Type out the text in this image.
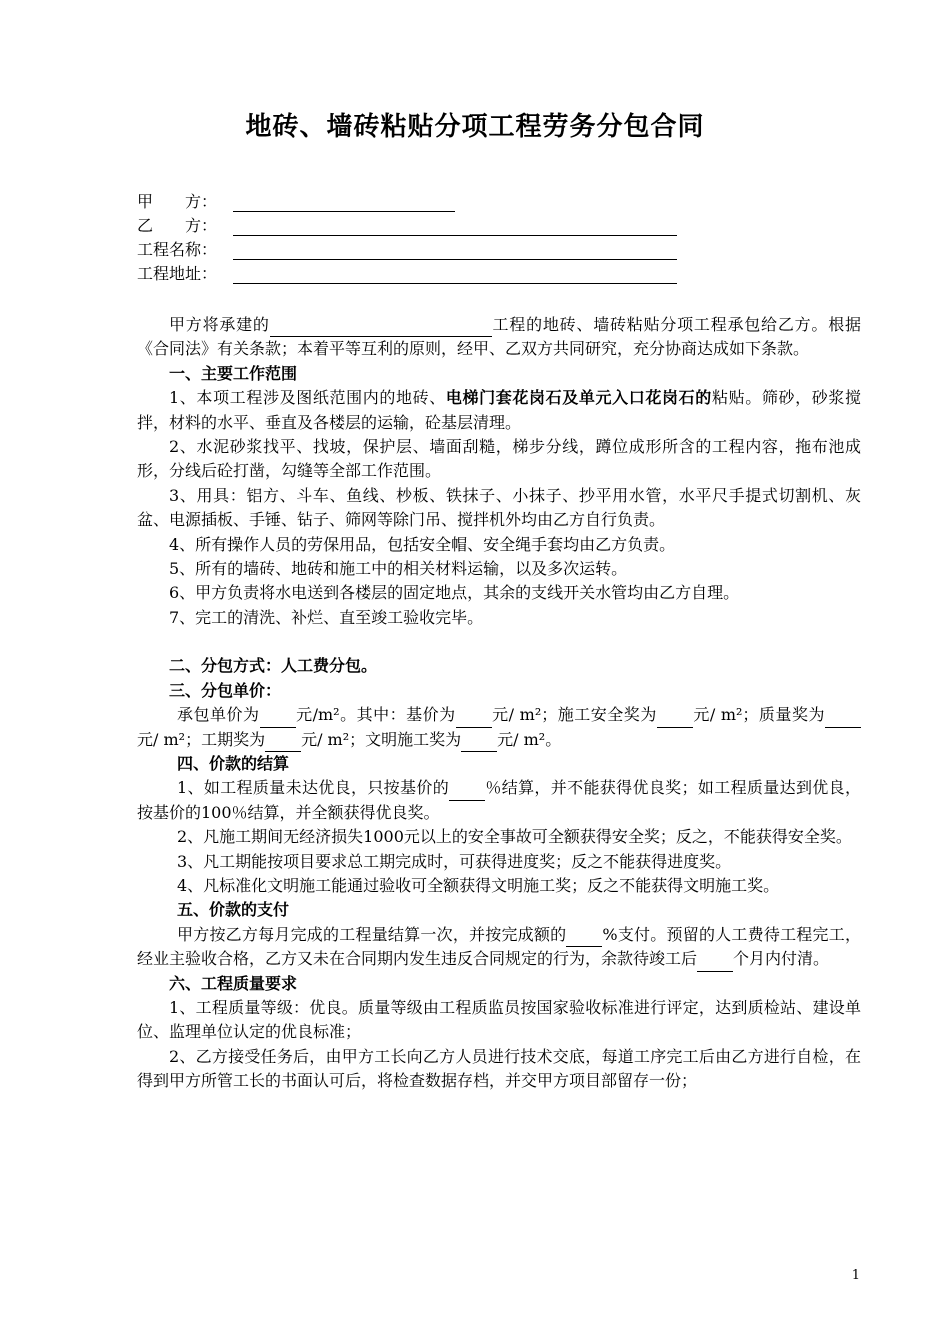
地砖、墙砖粘贴分项工程劳务分包合同
甲　　方：
乙　　方：
工程名称：
工程地址：

甲方将承建的	工程的地砖、墙砖粘贴分项工程承包给乙方。根据《合同法》有关条款；本着平等互利的原则，经甲、乙双方共同研究，充分协商达成如下条款。

一、主要工作范围

1、本项工程涉及图纸范围内的地砖、电梯门套花岗石及单元入口花岗石的粘贴。筛砂，砂浆搅拌，材料的水平、垂直及各楼层的运输，砼基层清理。

2、水泥砂浆找平、找坡，保护层、墙面刮糙，梯步分线，蹲位成形所含的工程内容，拖布池成形，分线后砼打凿，勾缝等全部工作范围。

3、用具：铝方、斗车、鱼线、杪板、铁抹子、小抹子、抄平用水管，水平尺手提式切割机、灰盆、电源插板、手锤、钻子、筛网等除门吊、搅拌机外均由乙方自行负责。

4、所有操作人员的劳保用品，包括安全帽、安全绳手套均由乙方负责。

5、所有的墙砖、地砖和施工中的相关材料运输，以及多次运转。

6、甲方负责将水电送到各楼层的固定地点，其余的支线开关水管均由乙方自理。

7、完工的清洗、补烂、直至竣工验收完毕。

二、分包方式：人工费分包。

三、分包单价：

承包单价为 元/m²。其中：基价为 元/ m²；施工安全奖为 元/ m²；质量奖为元/ m²；工期奖为 元/ m²；文明施工奖为 元/ m²。

四、价款的结算

1、如工程质量未达优良，只按基价的 ％结算，并不能获得优良奖；如工程质量达到优良，按基价的100％结算，并全额获得优良奖。

2、凡施工期间无经济损失1000元以上的安全事故可全额获得安全奖；反之，不能获得安全奖。

3、凡工期能按项目要求总工期完成时，可获得进度奖；反之不能获得进度奖。

4、凡标准化文明施工能通过验收可全额获得文明施工奖；反之不能获得文明施工奖。

五、价款的支付

甲方按乙方每月完成的工程量结算一次，并按完成额的 %支付。预留的人工费待工程完工，经业主验收合格，乙方又未在合同期内发生违反合同规定的行为，余款待竣工后 个月内付清。

六、工程质量要求

1、工程质量等级：优良。质量等级由工程质监员按国家验收标准进行评定，达到质检站、建设单位、监理单位认定的优良标准；

2、乙方接受任务后，由甲方工长向乙方人员进行技术交底，每道工序完工后由乙方进行自检，在得到甲方所管工长的书面认可后，将检查数据存档，并交甲方项目部留存一份；

1
